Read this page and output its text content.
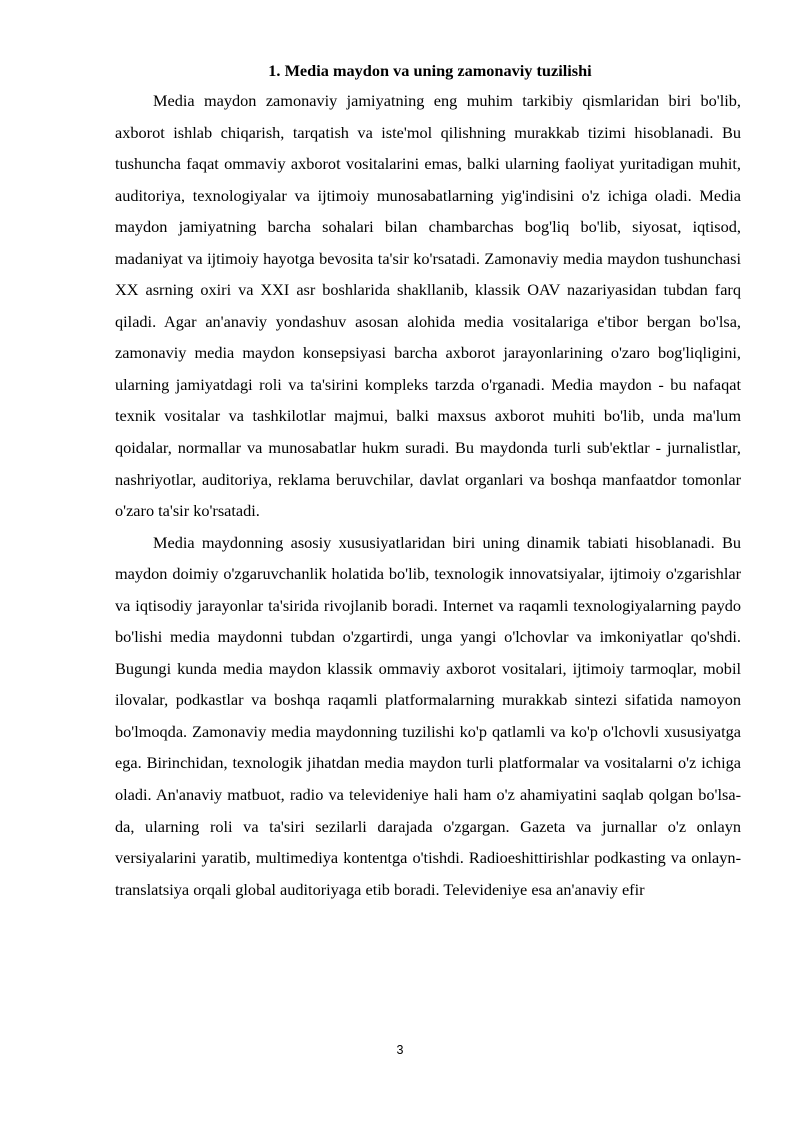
1. Media maydon va uning zamonaviy tuzilishi

Media maydon zamonaviy jamiyatning eng muhim tarkibiy qismlaridan biri bo'lib, axborot ishlab chiqarish, tarqatish va iste'mol qilishning murakkab tizimi hisoblanadi. Bu tushuncha faqat ommaviy axborot vositalarini emas, balki ularning faoliyat yuritadigan muhit, auditoriya, texnologiyalar va ijtimoiy munosabatlarning yig'indisini o'z ichiga oladi. Media maydon jamiyatning barcha sohalari bilan chambarchas bog'liq bo'lib, siyosat, iqtisod, madaniyat va ijtimoiy hayotga bevosita ta'sir ko'rsatadi. Zamonaviy media maydon tushunchasi XX asrning oxiri va XXI asr boshlarida shakllanib, klassik OAV nazariyasidan tubdan farq qiladi. Agar an'anaviy yondashuv asosan alohida media vositalariga e'tibor bergan bo'lsa, zamonaviy media maydon konsepsiyasi barcha axborot jarayonlarining o'zaro bog'liqligini, ularning jamiyatdagi roli va ta'sirini kompleks tarzda o'rganadi. Media maydon - bu nafaqat texnik vositalar va tashkilotlar majmui, balki maxsus axborot muhiti bo'lib, unda ma'lum qoidalar, normallar va munosabatlar hukm suradi. Bu maydonda turli sub'ektlar - jurnalistlar, nashriyotlar, auditoriya, reklama beruvchilar, davlat organlari va boshqa manfaatdor tomonlar o'zaro ta'sir ko'rsatadi.

Media maydonning asosiy xususiyatlaridan biri uning dinamik tabiati hisoblanadi. Bu maydon doimiy o'zgaruvchanlik holatida bo'lib, texnologik innovatsiyalar, ijtimoiy o'zgarishlar va iqtisodiy jarayonlar ta'sirida rivojlanib boradi. Internet va raqamli texnologiyalarning paydo bo'lishi media maydonni tubdan o'zgartirdi, unga yangi o'lchovlar va imkoniyatlar qo'shdi. Bugungi kunda media maydon klassik ommaviy axborot vositalari, ijtimoiy tarmoqlar, mobil ilovalar, podkastlar va boshqa raqamli platformalarning murakkab sintezi sifatida namoyon bo'lmoqda. Zamonaviy media maydonning tuzilishi ko'p qatlamli va ko'p o'lchovli xususiyatga ega. Birinchidan, texnologik jihatdan media maydon turli platformalar va vositalarni o'z ichiga oladi. An'anaviy matbuot, radio va televideniye hali ham o'z ahamiyatini saqlab qolgan bo'lsa-da, ularning roli va ta'siri sezilarli darajada o'zgargan. Gazeta va jurnallar o'z onlayn versiyalarini yaratib, multimediya kontentga o'tishdi. Radioeshittirishlar podkasting va onlayn-translatsiya orqali global auditoriyaga etib boradi. Televideniye esa an'anaviy efir

3
